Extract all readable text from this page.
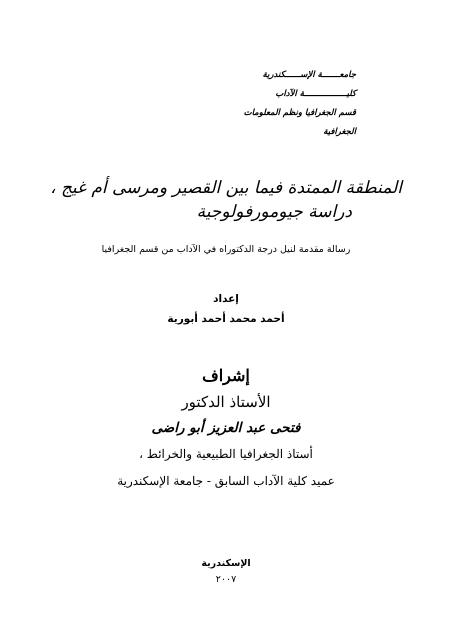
جامعـــــــة الإســــــكندرية
كليـــــــــــــــــة الآداب
قسم الجغرافيا ونظم المعلومات
الجغرافية
المنطقة الممتدة فيما بين القصير ومرسى أم غيج ،
دراسة جيومورفولوجية
رسالة مقدمة لنيل درجة الدكتوراه في الآداب من قسم الجغرافيا
إعداد
أحمد محمد أحمد أبورية
إشراف
الأستاذ الدكتور
فتحى عبد العزيز أبو راضى
أستاذ الجغرافيا الطبيعية والخرائط ،
عميد كلية الآداب السابق - جامعة الإسكندرية
الإسكندرية
٢٠٠٧
